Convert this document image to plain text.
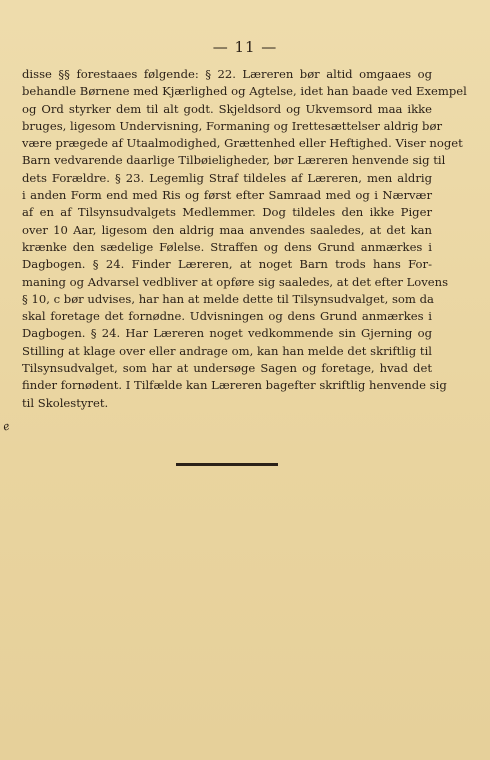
— 11 —
disse §§ forestaaes følgende: § 22. Læreren bør altid omgaaes og
behandle Børnene med Kjærlighed og Agtelse, idet han baade ved Exempel
og Ord styrker dem til alt godt. Skjeldsord og Ukvemsord maa ikke
bruges, ligesom Undervisning, Formaning og Irettesættelser aldrig bør
være prægede af Utaalmodighed, Grættenhed eller Heftighed. Viser noget
Barn vedvarende daarlige Tilbøieligheder, bør Læreren henvende sig til
dets Forældre. § 23. Legemlig Straf tildeles af Læreren, men aldrig
i anden Form end med Ris og først efter Samraad med og i Nærvær
af en af Tilsynsudvalgets Medlemmer. Dog tildeles den ikke Piger
over 10 Aar, ligesom den aldrig maa anvendes saaledes, at det kan
krænke den sædelige Følelse. Straffen og dens Grund anmærkes i
Dagbogen. § 24. Finder Læreren, at noget Barn trods hans For-
maning og Advarsel vedbliver at opføre sig saaledes, at det efter Lovens
§ 10, c bør udvises, har han at melde dette til Tilsynsudvalget, som da
skal foretage det fornødne. Udvisningen og dens Grund anmærkes i
Dagbogen. § 24. Har Læreren noget vedkommende sin Gjerning og
Stilling at klage over eller andrage om, kan han melde det skriftlig til
Tilsynsudvalget, som har at undersøge Sagen og foretage, hvad det
finder fornødent. I Tilfælde kan Læreren bagefter skriftlig henvende sig
til Skolestyret.
ℯ
